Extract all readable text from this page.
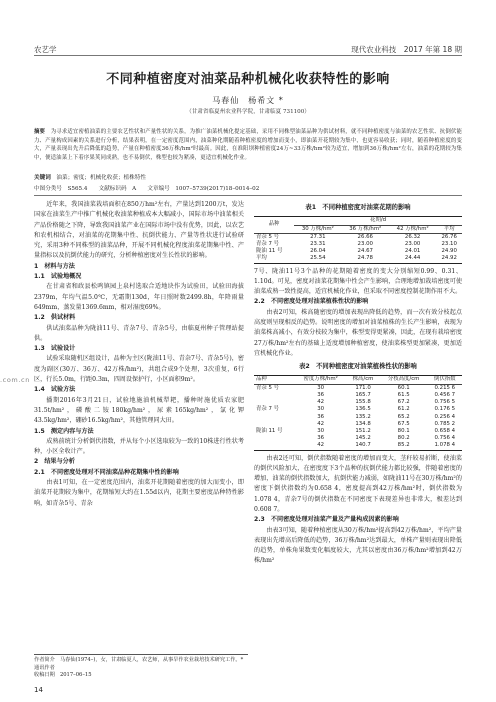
农艺学	现代农业科技　2017 年第 18 期
不同种植密度对油菜品种机械化收获特性的影响
马春仙　杨希文 *
（甘肃省临夏州农业科学院，甘肃临夏 731100）
摘要　 为寻求适宜密植油菜的主要农艺性状和产量性状的关系，为推广油菜机械化提定基础，采用不同株型油菜品种为供试材料，就不同种植密度与油菜的农艺性状、抗倒伏能力、产量构成因素的关系进行分析，结果表明，在一定密度范围内，油菜种化期随着种植密度的增加而变小，即油菜开花期较为集中，也更容易收获；同时，随着种植密度的变大，产量表现出先升后降低的趋势，产量在种植密度36万株/hm²时最高。因此，在准阳坝种植密度24万~33万株/hm²较为适宜，增加到36万株/hm²左右，油菜的花期较为集中，便适油菜上下着序果荚同成熟，也不易倒伏，株型也较为紧凑，更适宜机械化作业。
关键词　 油菜；密度；机械化收获；植株特性
中图分类号　S565.4　　文献标识码　A　　文章编号　1007–5739(2017)18–0014–02
.com.cn

近年来，我国油菜栽培面积在850万hm²左右，产量达到1200万t，发达国家在油菜生产中推广机械化收油菜种植成本大幅减小，国际市场中油菜相关产品价格随之下降，导致我国油菜产业在国际市场中没有优势，因此，以农艺和农机相结合，对油菜的花期集中性、抗倒伏能力、产量等性状进行试验研究，采用3种不同株型的油菜品种，开展不同机械化程度油菜花期集中性、产量指标以及抗倒伏能力的研究，分析种植密度对生长性状的影响。

1　材料与方法
1.1　试验地概况

在甘肃省和政县松鸣镇园上泉村选取合适地块作为试验田，试验田海拔2379m，年均气温5.0℃，无霜期130d，年日照时数2499.8h，年降雨量649mm，蒸发量1369.6mm，相对湿度69%。

1.2　供试材料

供试油菜品种为陇油11号、青杂7号、青杂5号，由临夏州种子管理站提供。

1.3　试验设计

试验采取随机区组设计，品种为主区(陇油11号、青杂7号、青杂5号)，密度为副区(30万、36万、42万株/hm²)，共组合成9个处理，3次重复，6行区，行长5.0m，行距0.3m，四周设保护行，小区面积9m²。

1.4　试验方法

播期2016年3月21日，试验地施油机械犁耙，播种时施优质农家肥31.5t/hm²，磷酸二铵180kg/hm²，尿素165kg/hm²，氯化钾43.5kg/hm²，硼砂16.5kg/hm²，其他管理同大田。

1.5　测定内容与方法

成熟前统计分析倒伏指数，并从每个小区选取较为一致的10株进行性状考种，小区全收计产。

2　结果与分析
2.1　不同密度处理对不同油菜品种花期集中性的影响

由表1可知，在一定密度范围内，油菜开花期随着密度的加大而变小，即油菜开花期较为集中，花期缩短大约在1.55d以内，花期主要密度品种特性影响，如青杂5号、青杂

作者简介　马春仙(1974–)，女，甘肃临夏人，农艺师，从事旱作农业栽培技术研究工作。*通讯作者
收稿日期　2017–06–15
14
表1　不同种植密度对油菜花期的影响
品种	花期/d			
	30 万株/hm²	36 万株/hm²	42 万株/hm²	平均
青杂 5 号	27.31	26.66	26.32	26.76
青杂 7 号	23.31	23.00	23.00	23.10
陇油 11 号	26.04	24.67	24.01	24.90
平均	25.54	24.78	24.44	24.92

7号、陇油11号3个品种的花期随着密度的变大分别缩短0.99、0.31、1.10d。可见，密度对油菜花期集中性会产生影响，合理地增加栽培密度可使油菜成熟一致性提高，适宜机械化作业，但采取不同密度控制花期作用不大。

2.2　不同密度处理对油菜植株性状的影响

由表2可知，株高随密度的增加表现出降低的趋势，而一次有效分枝起点高度则呈现相反的趋势。说明密度的增加对油菜植株的生长产生影响，表现为油菜株高减小，有效分枝较为集中，株型变得更紧凑，因此，在现有栽培密度27万株/hm²左右的基础上适度增加种植密度，使油菜株型更加紧凑，更加适宜机械化作业。

表2　不同种植密度对油菜植株性状的影响
品种	密度万株/hm²	株高/cm	分枝高度/cm	倒伏指数
青杂 5 号	30	171.0	60.1	0.215 6
	36	165.7	61.5	0.456 7
	42	155.8	67.2	0.756 5
青杂 7 号	30	136.5	61.2	0.176 5
	36	135.2	65.2	0.256 4
	42	134.8	67.5	0.785 2
陇油 11 号	30	151.2	80.1	0.658 4
	36	145.2	80.2	0.756 4
	42	140.7	85.2	1.078 4

由表2还可知，倒伏指数随着密度的增加而变大，茎秆较易折断，使油菜的倒伏风险加大，在密度度下3个品种的抗倒伏能力都比较强，伴随着密度的增加，油菜的倒伏指数加大，抗倒伏能力减弱，如陇油11号在30万株/hm²的密度下倒伏指数约为0.658 4，密度提高到42万株/hm²时，倒伏指数为1.078 4，青杂7号的倒伏指数在不同密度下表现差异也非常大，极差达到0.608 7。

2.3　不同密度处理对油菜产量及产量构成因素的影响

由表3可知，随着种植密度从30万株/hm²提高到42万株/hm²，平均产量表现出先增高后降低的趋势，36万株/hm²达到最大，单株产量则表现出降低的趋势，单株角果数变化幅度较大，尤其以密度由36万株/hm²增加到42万株/hm²
